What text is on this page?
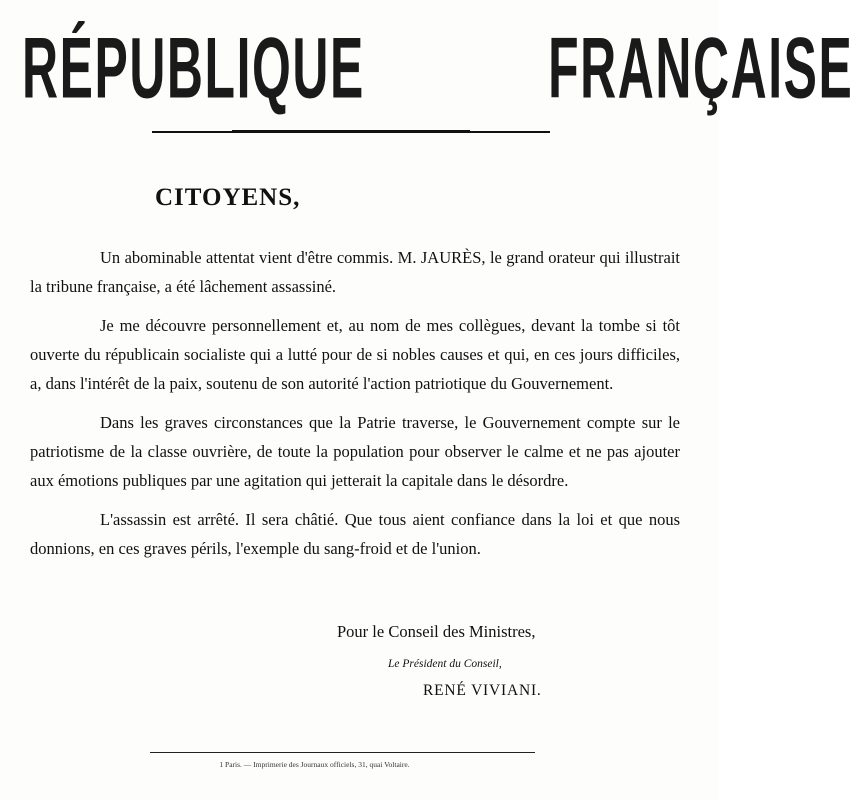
RÉPUBLIQUE	FRANÇAISE
CITOYENS,

Un abominable attentat vient d'être commis. M. JAURÈS, le grand orateur qui illustrait la tribune française, a été lâchement assassiné.

Je me découvre personnellement et, au nom de mes collègues, devant la tombe si tôt ouverte du républicain socialiste qui a lutté pour de si nobles causes et qui, en ces jours difficiles, a, dans l'intérêt de la paix, soutenu de son autorité l'action patriotique du Gouvernement.

Dans les graves circonstances que la Patrie traverse, le Gouvernement compte sur le patriotisme de la classe ouvrière, de toute la population pour observer le calme et ne pas ajouter aux émotions publiques par une agitation qui jetterait la capitale dans le désordre.

L'assassin est arrêté. Il sera châtié. Que tous aient confiance dans la loi et que nous donnions, en ces graves périls, l'exemple du sang-froid et de l'union.

Pour le Conseil des Ministres,
Le Président du Conseil,
RENÉ VIVIANI.
1 Paris. — Imprimerie des Journaux officiels, 31, quai Voltaire.
